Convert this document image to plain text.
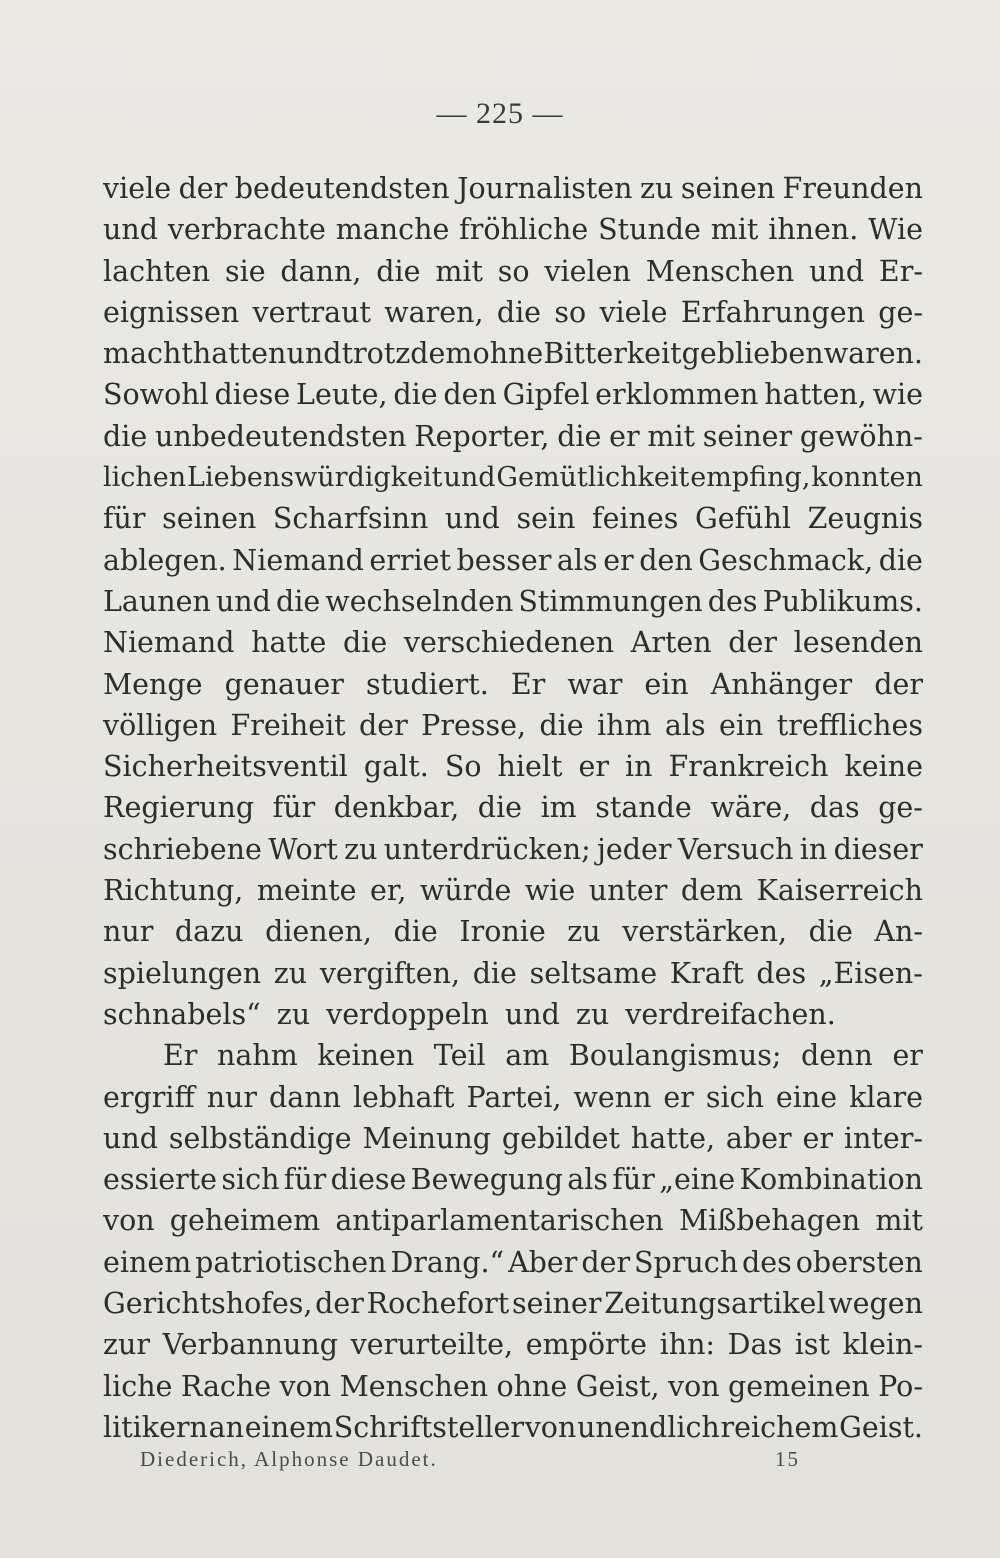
— 225 —
viele der bedeutendsten Journalisten zu seinen Freunden
und verbrachte manche fröhliche Stunde mit ihnen. Wie
lachten sie dann, die mit so vielen Menschen und Er-
eignissen vertraut waren, die so viele Erfahrungen ge-
macht hatten und trotzdem ohne Bitterkeit geblieben waren.
Sowohl diese Leute, die den Gipfel erklommen hatten, wie
die unbedeutendsten Reporter, die er mit seiner gewöhn-
lichen Liebenswürdigkeit und Gemütlichkeit empfing, konnten
für seinen Scharfsinn und sein feines Gefühl Zeugnis
ablegen. Niemand erriet besser als er den Geschmack, die
Launen und die wechselnden Stimmungen des Publikums.
Niemand hatte die verschiedenen Arten der lesenden
Menge genauer studiert. Er war ein Anhänger der
völligen Freiheit der Presse, die ihm als ein treffliches
Sicherheitsventil galt. So hielt er in Frankreich keine
Regierung für denkbar, die im stande wäre, das ge-
schriebene Wort zu unterdrücken; jeder Versuch in dieser
Richtung, meinte er, würde wie unter dem Kaiserreich
nur dazu dienen, die Ironie zu verstärken, die An-
spielungen zu vergiften, die seltsame Kraft des „Eisen-
schnabels“ zu verdoppeln und zu verdreifachen.
Er nahm keinen Teil am Boulangismus; denn er
ergriff nur dann lebhaft Partei, wenn er sich eine klare
und selbständige Meinung gebildet hatte, aber er inter-
essierte sich für diese Bewegung als für „eine Kombination
von geheimem antiparlamentarischen Mißbehagen mit
einem patriotischen Drang.“ Aber der Spruch des obersten
Gerichtshofes, der Rochefort seiner Zeitungsartikel wegen
zur Verbannung verurteilte, empörte ihn: Das ist klein-
liche Rache von Menschen ohne Geist, von gemeinen Po-
litikern an einem Schriftsteller von unendlich reichem Geist.
Diederich, Alphonse Daudet.	15
